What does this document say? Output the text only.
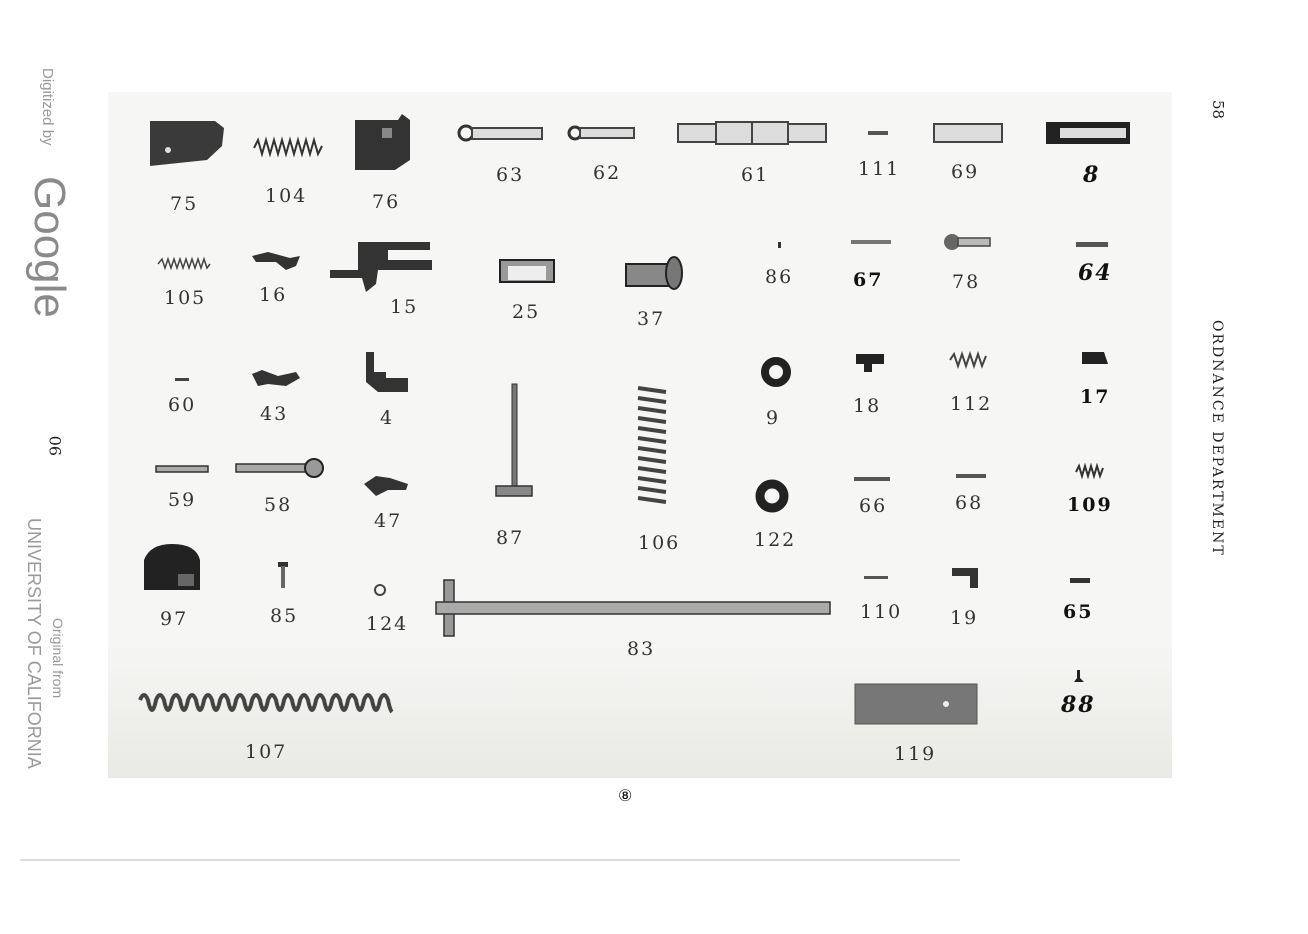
75	104	76
63	62	61	111	69	8
105	16
15	25	37
86	67	78	64
60	43	4	9
18	112	17
59	58
47
87	106	122
66	68	109
97	85	124
83
110	19	65
88
107	119
⑧
58
ORDNANCE DEPARTMENT
90
Digitized by
Google
Original from
UNIVERSITY OF CALIFORNIA
